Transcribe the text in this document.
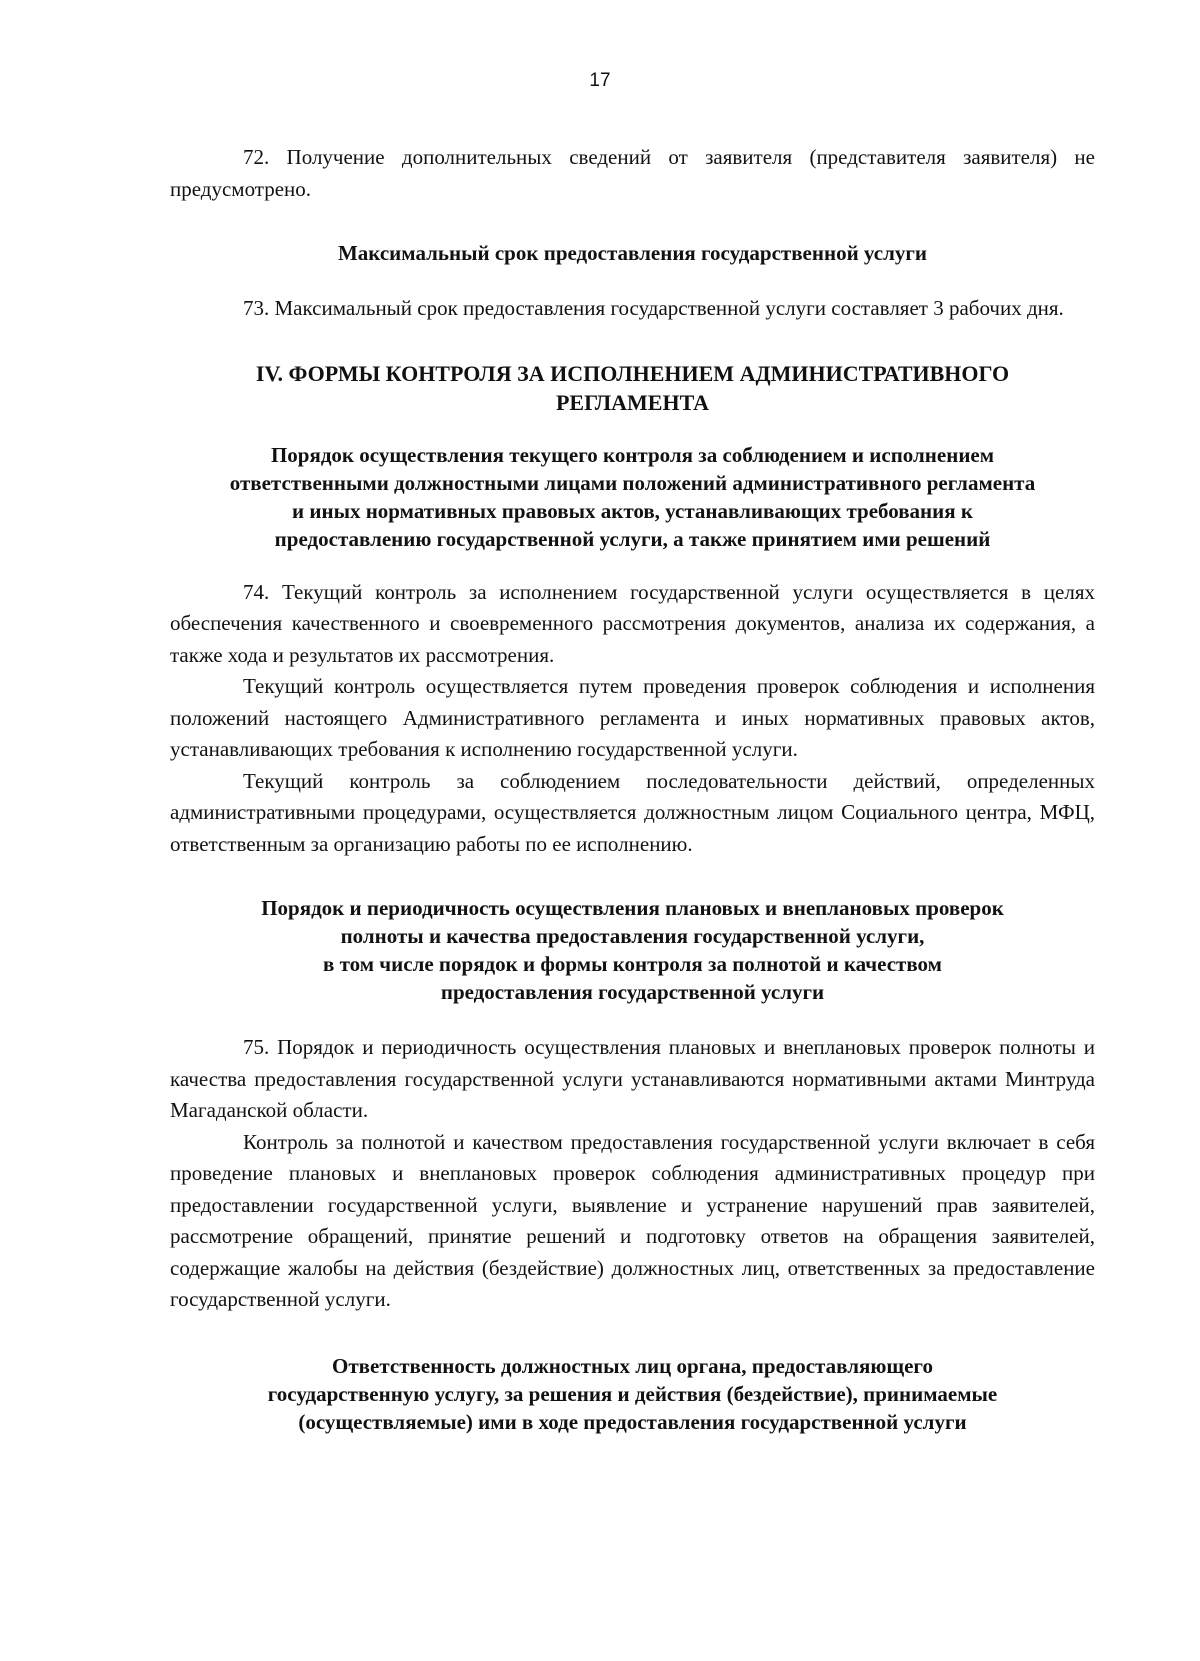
17

72. Получение дополнительных сведений от заявителя (представителя заявителя) не предусмотрено.

Максимальный срок предоставления государственной услуги

73. Максимальный срок предоставления государственной услуги составляет 3 рабочих дня.

IV. ФОРМЫ КОНТРОЛЯ ЗА ИСПОЛНЕНИЕМ АДМИНИСТРАТИВНОГО
РЕГЛАМЕНТА
Порядок осуществления текущего контроля за соблюдением и исполнением
ответственными должностными лицами положений административного регламента
и иных нормативных правовых актов, устанавливающих требования к
предоставлению государственной услуги, а также принятием ими решений

74. Текущий контроль за исполнением государственной услуги осуществляется в целях обеспечения качественного и своевременного рассмотрения документов, анализа их содержания, а также хода и результатов их рассмотрения.

Текущий контроль осуществляется путем проведения проверок соблюдения и исполнения положений настоящего Административного регламента и иных нормативных правовых актов, устанавливающих требования к исполнению государственной услуги.

Текущий контроль за соблюдением последовательности действий, определенных административными процедурами, осуществляется должностным лицом Социального центра, МФЦ, ответственным за организацию работы по ее исполнению.

Порядок и периодичность осуществления плановых и внеплановых проверок
полноты и качества предоставления государственной услуги,
в том числе порядок и формы контроля за полнотой и качеством
предоставления государственной услуги

75. Порядок и периодичность осуществления плановых и внеплановых проверок полноты и качества предоставления государственной услуги устанавливаются нормативными актами Минтруда Магаданской области.

Контроль за полнотой и качеством предоставления государственной услуги включает в себя проведение плановых и внеплановых проверок соблюдения административных процедур при предоставлении государственной услуги, выявление и устранение нарушений прав заявителей, рассмотрение обращений, принятие решений и подготовку ответов на обращения заявителей, содержащие жалобы на действия (бездействие) должностных лиц, ответственных за предоставление государственной услуги.

Ответственность должностных лиц органа, предоставляющего
государственную услугу, за решения и действия (бездействие), принимаемые
(осуществляемые) ими в ходе предоставления государственной услуги
